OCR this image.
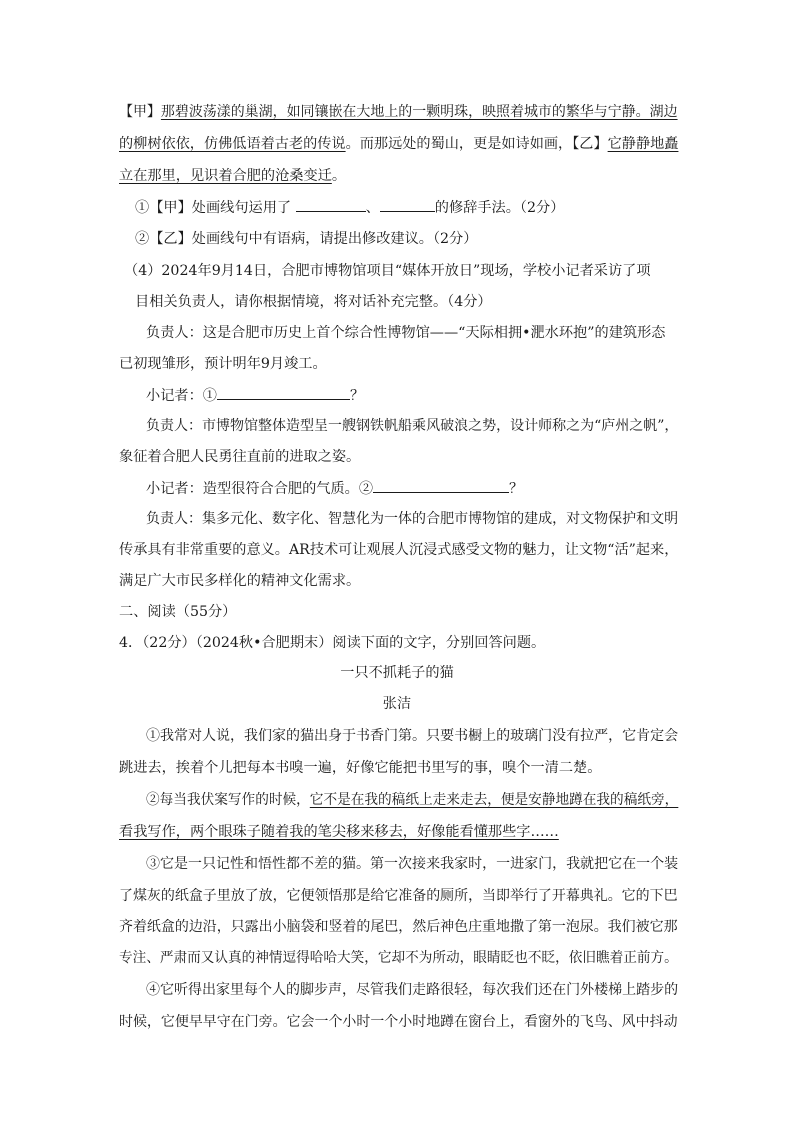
【甲】那碧波荡漾的巢湖，如同镶嵌在大地上的一颗明珠，映照着城市的繁华与宁静。湖边
的柳树依依，仿佛低语着古老的传说。而那远处的蜀山，更是如诗如画，【乙】它静静地矗
立在那里，见识着合肥的沧桑变迁。
①【甲】处画线句运用了	、	的修辞手法。（2分）
②【乙】处画线句中有语病，请提出修改建议。（2分）
（4）2024年9月14日，合肥市博物馆项目“媒体开放日”现场，学校小记者采访了项
目相关负责人，请你根据情境，将对话补充完整。（4分）
负责人：这是合肥市历史上首个综合性博物馆——“天际相拥•淝水环抱”的建筑形态
已初现雏形，预计明年9月竣工。
小记者：①	？
负责人：市博物馆整体造型呈一艘钢铁帆船乘风破浪之势，设计师称之为“庐州之帆”，
象征着合肥人民勇往直前的进取之姿。
小记者：造型很符合合肥的气质。②	？
负责人：集多元化、数字化、智慧化为一体的合肥市博物馆的建成，对文物保护和文明
传承具有非常重要的意义。AR技术可让观展人沉浸式感受文物的魅力，让文物“活”起来，
满足广大市民多样化的精神文化需求。
二、阅读（55分）
4．（22分）（2024秋•合肥期末）阅读下面的文字，分别回答问题。
一只不抓耗子的猫
张洁
①我常对人说，我们家的猫出身于书香门第。只要书橱上的玻璃门没有拉严，它肯定会
跳进去，挨着个儿把每本书嗅一遍，好像它能把书里写的事，嗅个一清二楚。
②每当我伏案写作的时候，它不是在我的稿纸上走来走去，便是安静地蹲在我的稿纸旁，
看我写作，两个眼珠子随着我的笔尖移来移去，好像能看懂那些字……
③它是一只记性和悟性都不差的猫。第一次接来我家时，一进家门，我就把它在一个装
了煤灰的纸盒子里放了放，它便领悟那是给它准备的厕所，当即举行了开幕典礼。它的下巴
齐着纸盒的边沿，只露出小脑袋和竖着的尾巴，然后神色庄重地撒了第一泡尿。我们被它那
专注、严肃而又认真的神情逗得哈哈大笑，它却不为所动，眼睛眨也不眨，依旧瞧着正前方。
④它听得出家里每个人的脚步声，尽管我们走路很轻，每次我们还在门外楼梯上踏步的
时候，它便早早守在门旁。它会一个小时一个小时地蹲在窗台上，看窗外的飞鸟、风中抖动
